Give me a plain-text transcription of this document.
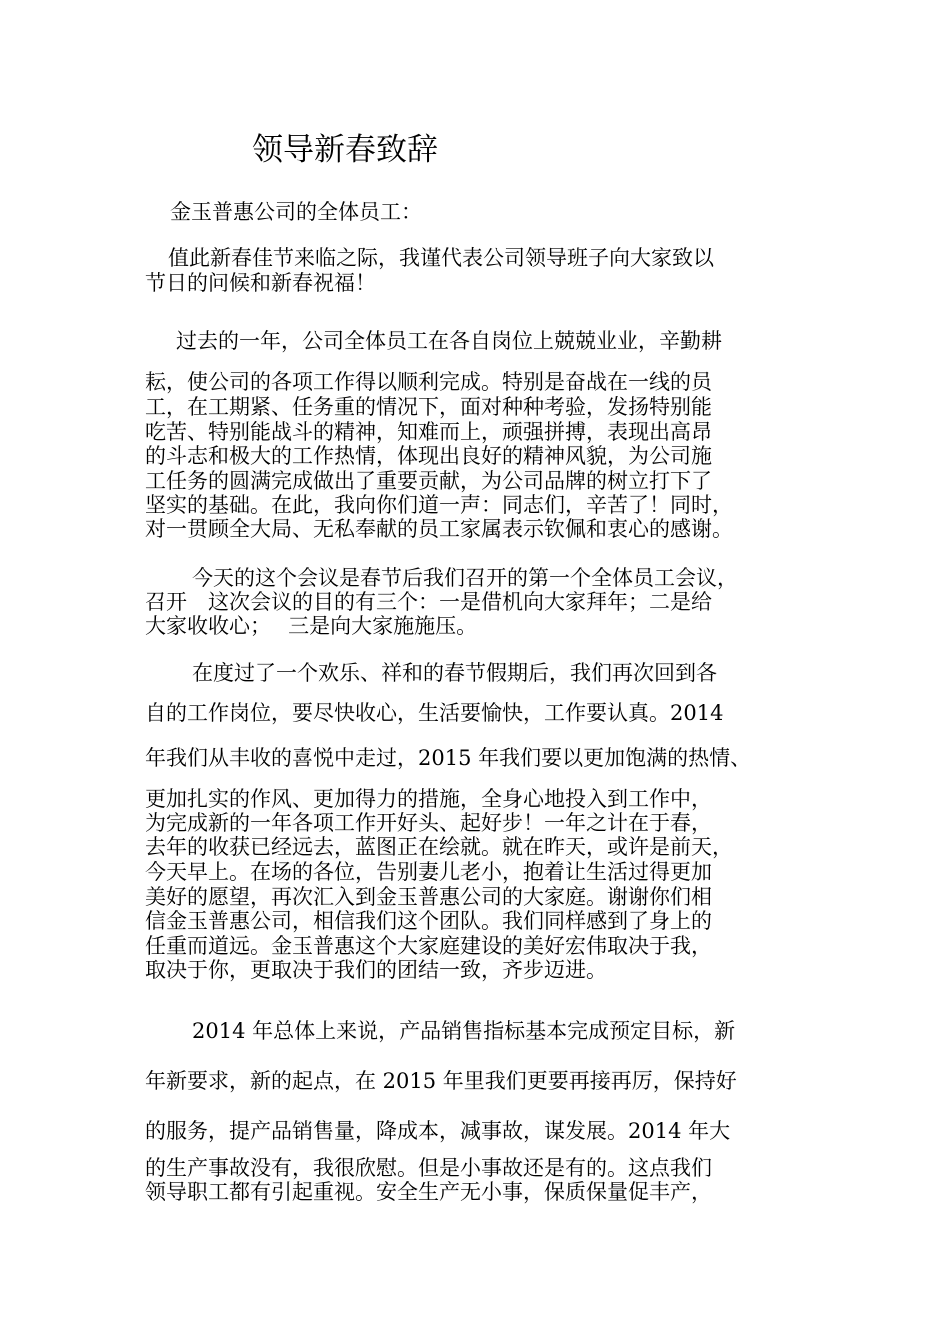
领导新春致辞
金玉普惠公司的全体员工：
值此新春佳节来临之际，我谨代表公司领导班子向大家致以
节日的问候和新春祝福！
过去的一年，公司全体员工在各自岗位上兢兢业业，辛勤耕
耘，使公司的各项工作得以顺利完成。特别是奋战在一线的员
工，在工期紧、任务重的情况下，面对种种考验，发扬特别能
吃苦、特别能战斗的精神，知难而上，顽强拼搏，表现出高昂
的斗志和极大的工作热情，体现出良好的精神风貌，为公司施
工任务的圆满完成做出了重要贡献，为公司品牌的树立打下了
坚实的基础。在此，我向你们道一声：同志们，辛苦了！同时，
对一贯顾全大局、无私奉献的员工家属表示钦佩和衷心的感谢。
今天的这个会议是春节后我们召开的第一个全体员工会议，
召开　这次会议的目的有三个：一是借机向大家拜年；二是给
大家收收心；　 三是向大家施施压。
在度过了一个欢乐、祥和的春节假期后，我们再次回到各
自的工作岗位，要尽快收心，生活要愉快，工作要认真。2014
年我们从丰收的喜悦中走过，2015 年我们要以更加饱满的热情、
更加扎实的作风、更加得力的措施，全身心地投入到工作中，
为完成新的一年各项工作开好头、起好步！一年之计在于春，
去年的收获已经远去，蓝图正在绘就。就在昨天，或许是前天，
今天早上。在场的各位，告别妻儿老小，抱着让生活过得更加
美好的愿望，再次汇入到金玉普惠公司的大家庭。谢谢你们相
信金玉普惠公司，相信我们这个团队。我们同样感到了身上的
任重而道远。金玉普惠这个大家庭建设的美好宏伟取决于我，
取决于你，更取决于我们的团结一致，齐步迈进。
2014 年总体上来说，产品销售指标基本完成预定目标，新
年新要求，新的起点，在 2015 年里我们更要再接再厉，保持好
的服务，提产品销售量，降成本，减事故，谋发展。2014 年大
的生产事故没有，我很欣慰。但是小事故还是有的。这点我们
领导职工都有引起重视。安全生产无小事，保质保量促丰产，
